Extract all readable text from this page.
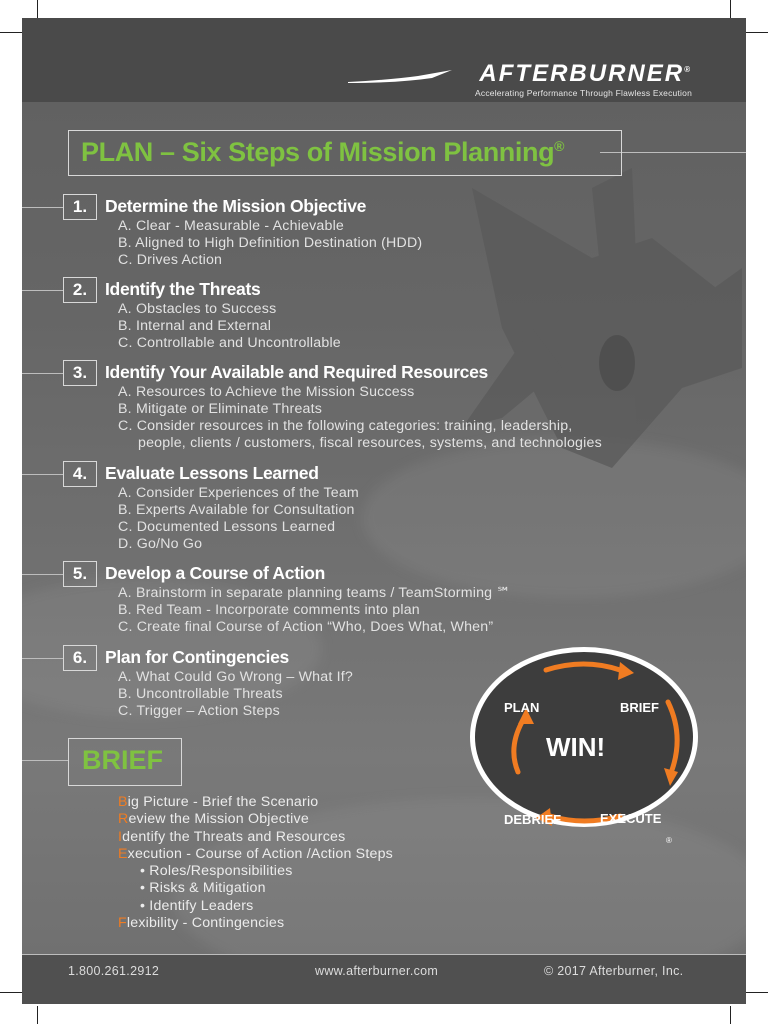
AFTERBURNER®
Accelerating Performance Through Flawless Execution
PLAN – Six Steps of Mission Planning®
1.	Determine the Mission Objective
A. Clear - Measurable - Achievable
B. Aligned to High Definition Destination (HDD)
C. Drives Action
2.	Identify the Threats
A. Obstacles to Success
B. Internal and External
C. Controllable and Uncontrollable
3.	Identify Your Available and Required Resources
A. Resources to Achieve the Mission Success
B. Mitigate or Eliminate Threats
C. Consider resources in the following categories: training, leadership,
people, clients / customers, fiscal resources, systems, and technologies
4.	Evaluate Lessons Learned
A. Consider Experiences of the Team
B. Experts Available for Consultation
C. Documented Lessons Learned
D. Go/No Go
5.	Develop a Course of Action
A. Brainstorm in separate planning teams / TeamStorming ℠
B. Red Team - Incorporate comments into plan
C. Create final Course of Action “Who, Does What, When”
6.	Plan for Contingencies
A. What Could Go Wrong – What If?
B. Uncontrollable Threats
C. Trigger – Action Steps
BRIEF
Big Picture - Brief the Scenario
Review the Mission Objective
Identify the Threats and Resources
Execution - Course of Action /Action Steps
• Roles/Responsibilities
• Risks & Mitigation
• Identify Leaders
Flexibility - Contingencies
PLAN	BRIEF
WIN!
DEBRIEF	EXECUTE
®
1.800.261.2912	www.afterburner.com	© 2017 Afterburner, Inc.
